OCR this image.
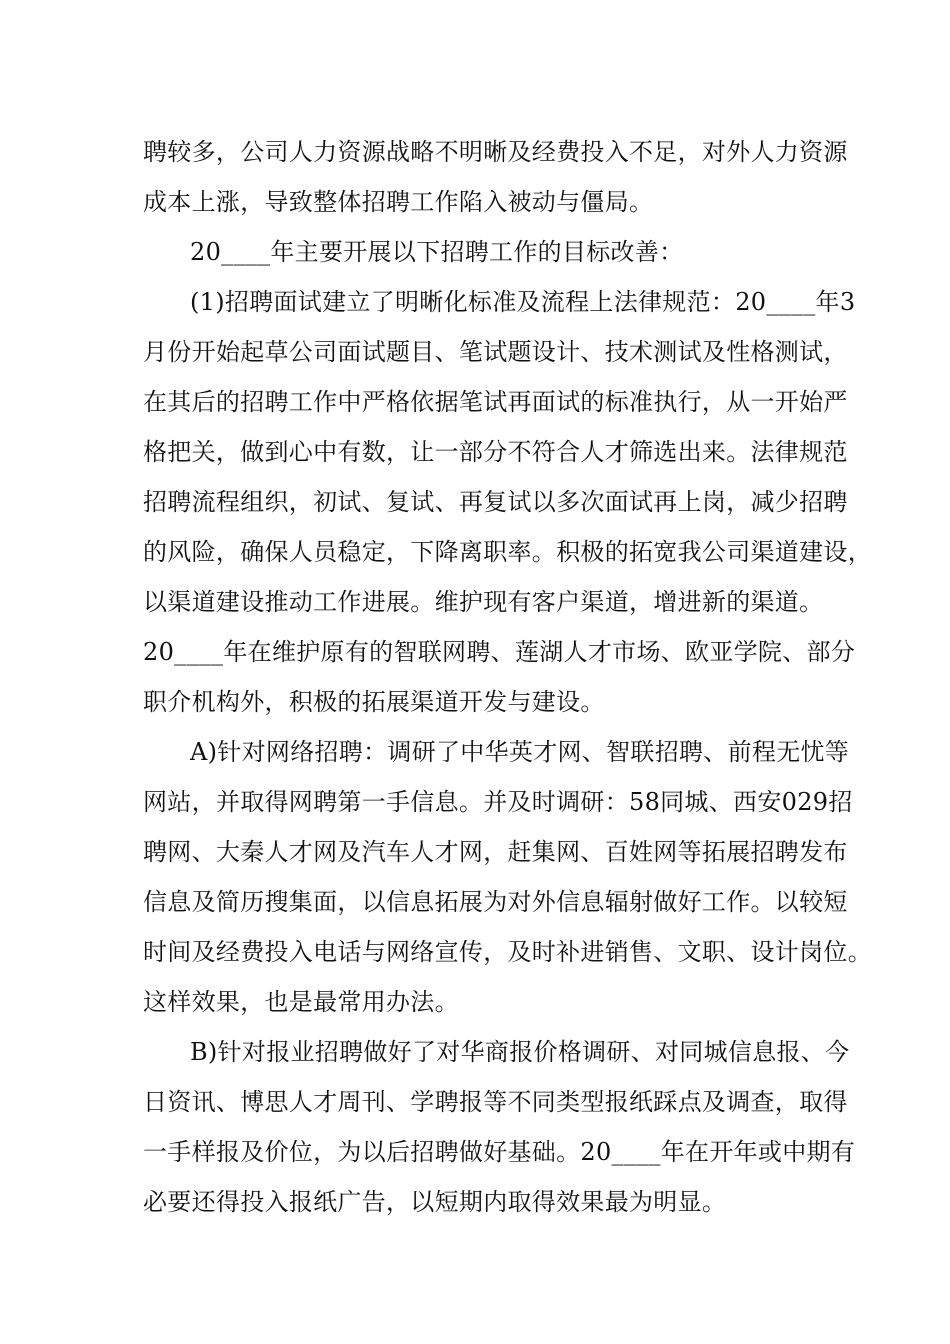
聘较多，公司人力资源战略不明晰及经费投入不足，对外人力资源
成本上涨，导致整体招聘工作陷入被动与僵局。
20____年主要开展以下招聘工作的目标改善：
(1)招聘面试建立了明晰化标准及流程上法律规范：20____年3
月份开始起草公司面试题目、笔试题设计、技术测试及性格测试，
在其后的招聘工作中严格依据笔试再面试的标准执行，从一开始严
格把关，做到心中有数，让一部分不符合人才筛选出来。法律规范
招聘流程组织，初试、复试、再复试以多次面试再上岗，减少招聘
的风险，确保人员稳定，下降离职率。积极的拓宽我公司渠道建设，
以渠道建设推动工作进展。维护现有客户渠道，增进新的渠道。
20____年在维护原有的智联网聘、莲湖人才市场、欧亚学院、部分
职介机构外，积极的拓展渠道开发与建设。
A)针对网络招聘：调研了中华英才网、智联招聘、前程无忧等
网站，并取得网聘第一手信息。并及时调研：58同城、西安029招
聘网、大秦人才网及汽车人才网，赶集网、百姓网等拓展招聘发布
信息及简历搜集面，以信息拓展为对外信息辐射做好工作。以较短
时间及经费投入电话与网络宣传，及时补进销售、文职、设计岗位。
这样效果，也是最常用办法。
B)针对报业招聘做好了对华商报价格调研、对同城信息报、今
日资讯、博思人才周刊、学聘报等不同类型报纸踩点及调查，取得
一手样报及价位，为以后招聘做好基础。20____年在开年或中期有
必要还得投入报纸广告，以短期内取得效果最为明显。
